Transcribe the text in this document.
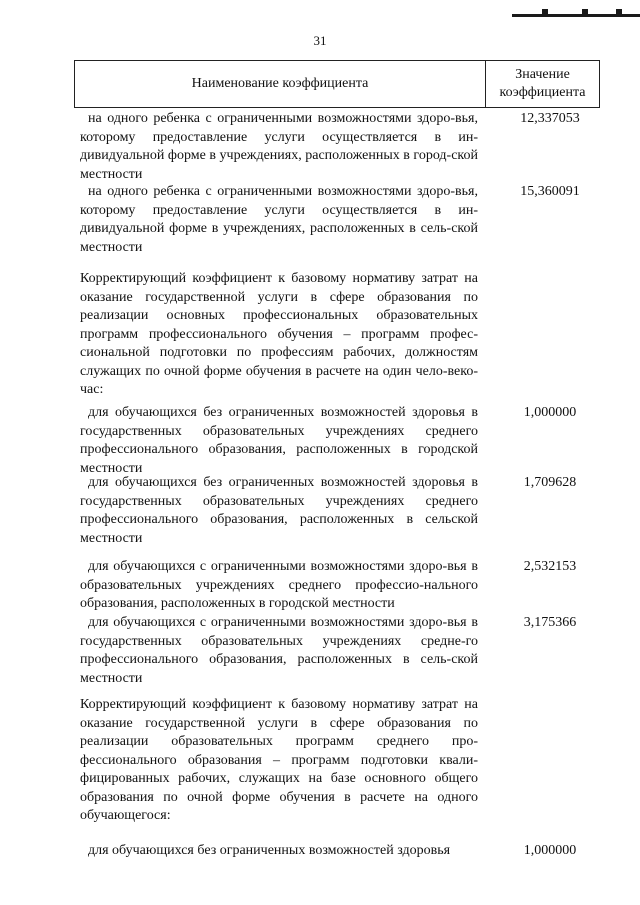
31
Наименование коэффициента
Значение
коэффициента
на одного ребенка с ограниченными возможностями здоро-вья, которому предоставление услуги осуществляется в ин-дивидуальной форме в учреждениях, расположенных в город-ской местности
12,337053
на одного ребенка с ограниченными возможностями здоро-вья, которому предоставление услуги осуществляется в ин-дивидуальной форме в учреждениях, расположенных в сель-ской местности
15,360091
Корректирующий коэффициент к базовому нормативу затрат на оказание государственной услуги в сфере образования по реализации основных профессиональных образовательных программ профессионального обучения – программ профес-сиональной подготовки по профессиям рабочих, должностям служащих по очной форме обучения в расчете на один чело-веко-час:
для обучающихся без ограниченных возможностей здоровья в государственных образовательных учреждениях среднего профессионального образования, расположенных в городской местности
1,000000
для обучающихся без ограниченных возможностей здоровья в государственных образовательных учреждениях среднего профессионального образования, расположенных в сельской местности
1,709628
для обучающихся с ограниченными возможностями здоро-вья в образовательных учреждениях среднего профессио-нального образования, расположенных в городской местности
2,532153
для обучающихся с ограниченными возможностями здоро-вья в государственных образовательных учреждениях средне-го профессионального образования, расположенных в сель-ской местности
3,175366
Корректирующий коэффициент к базовому нормативу затрат на оказание государственной услуги в сфере образования по реализации образовательных программ среднего про-фессионального образования – программ подготовки квали-фицированных рабочих, служащих на базе основного общего образования по очной форме обучения в расчете на одного обучающегося:
для обучающихся без ограниченных возможностей здоровья	1,000000
